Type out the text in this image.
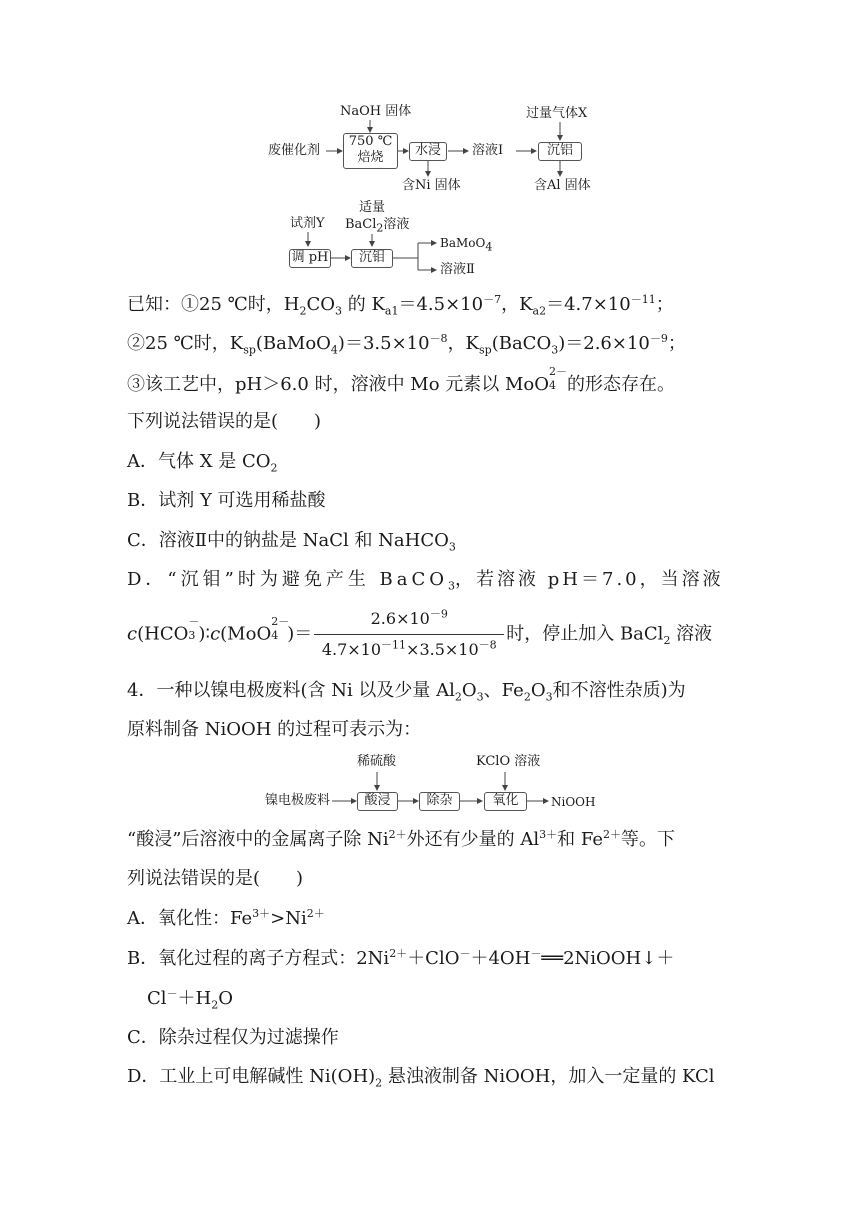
NaOH 固体
废催化剂
750 ℃
焙烧	水浸	溶液Ⅰ
含Ni 固体
过量气体X
沉铝
含Al 固体
试剂Y
适量
BaCl$_2$溶液
调 pH	沉钼
BaMoO$_4$
溶液Ⅱ
已知：①25 ℃时，$H_2CO_3$ 的 $K_{a1}=4.5\times 10^{-7}$，$K_{a2}=4.7\times 10^{-11}$；
②25 ℃时，$K_{sp}(BaMoO_4)=3.5\times 10^{-8}$，$K_{sp}(BaCO_3)=2.6\times 10^{-9}$；
③该工艺中，pH＞6.0 时，溶液中 Mo 元素以 MoO
2－
4 的形态存在。
下列说法错误的是(　　)
A．气体 X 是 $CO_2$
B．试剂 Y 可选用稀盐酸
C．溶液Ⅱ中的钠盐是 NaCl 和 NaHCO$_3$
D．“沉钼”时为避免产生 BaCO$_3$，若溶液 pH＝7.0，当溶液
c(HCO
－
3 )∶c(MoO
2－
4 )＝ $\frac{2.6\times 10^{-9}}{4.7\times 10^{-11}\times 3.5\times 10^{-8}}$ 时，停止加入 BaCl$_2$ 溶液
4．一种以镍电极废料(含 Ni 以及少量 $Al_2O_3$、$Fe_2O_3$和不溶性杂质)为
原料制备 NiOOH 的过程可表示为：
稀硫酸	KClO 溶液
镍电极废料	酸浸	除杂	氧化	NiOOH
“酸浸”后溶液中的金属离子除 $Ni^{2+}$外还有少量的 $Al^{3+}$和 $Fe^{2+}$等。下
列说法错误的是(　　)
A．氧化性：$Fe^{3+}>Ni^{2+}$
B．氧化过程的离子方程式：$2Ni^{2+}+ClO^-+4OH^-══2NiOOH↓+$
$Cl^-+H_2O$
C．除杂过程仅为过滤操作
D．工业上可电解碱性 $Ni(OH)_2$ 悬浊液制备 NiOOH，加入一定量的 KCl
